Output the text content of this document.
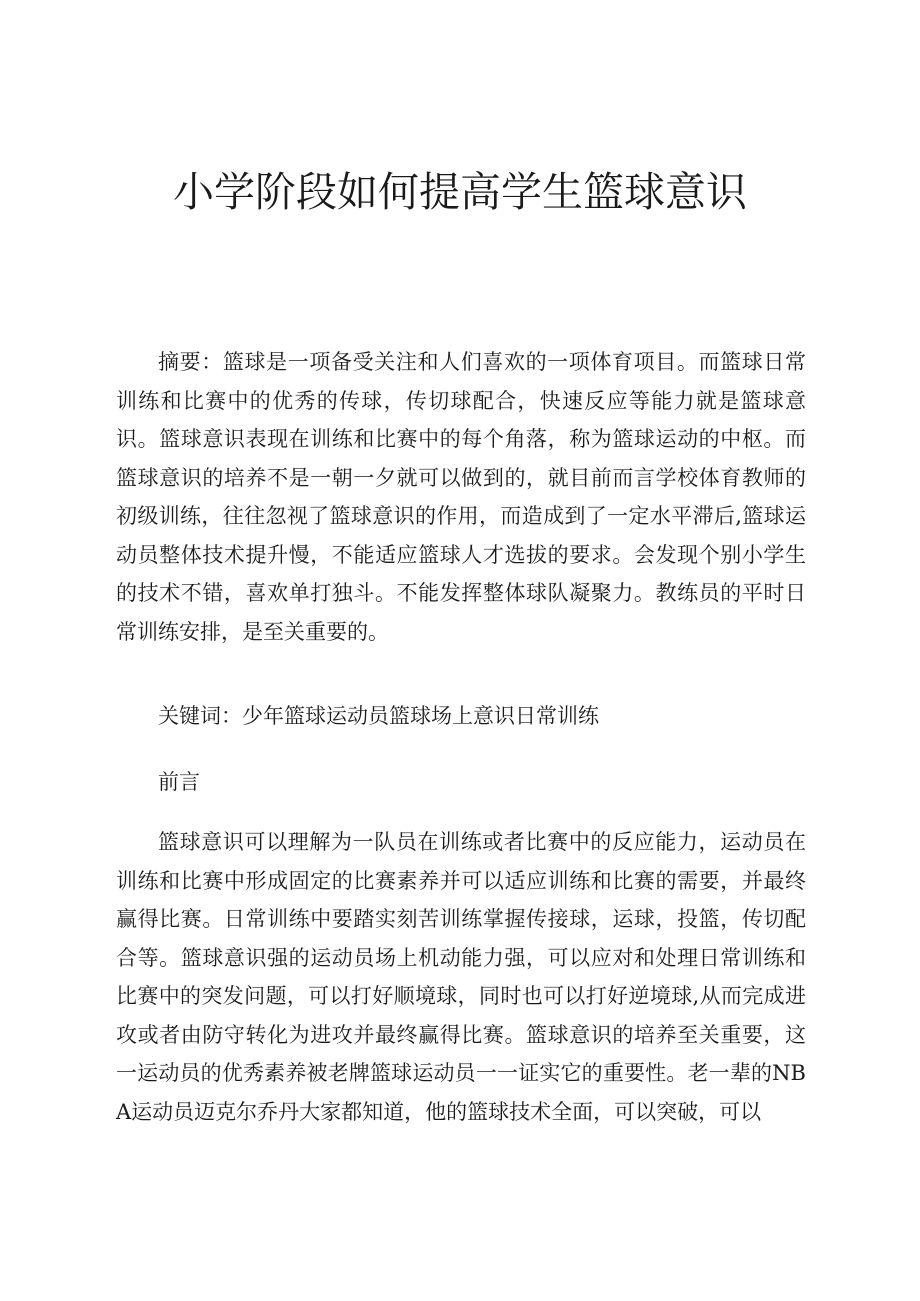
小学阶段如何提高学生篮球意识

摘要：篮球是一项备受关注和人们喜欢的一项体育项目。而篮球日常训练和比赛中的优秀的传球，传切球配合，快速反应等能力就是篮球意识。篮球意识表现在训练和比赛中的每个角落，称为篮球运动的中枢。而篮球意识的培养不是一朝一夕就可以做到的，就目前而言学校体育教师的初级训练，往往忽视了篮球意识的作用，而造成到了一定水平滞后,篮球运动员整体技术提升慢，不能适应篮球人才选拔的要求。会发现个别小学生的技术不错，喜欢单打独斗。不能发挥整体球队凝聚力。教练员的平时日常训练安排，是至关重要的。

关键词：少年篮球运动员篮球场上意识日常训练

前言

篮球意识可以理解为一队员在训练或者比赛中的反应能力，运动员在训练和比赛中形成固定的比赛素养并可以适应训练和比赛的需要，并最终赢得比赛。日常训练中要踏实刻苦训练掌握传接球，运球，投篮，传切配合等。篮球意识强的运动员场上机动能力强，可以应对和处理日常训练和比赛中的突发问题，可以打好顺境球，同时也可以打好逆境球,从而完成进攻或者由防守转化为进攻并最终赢得比赛。篮球意识的培养至关重要，这一运动员的优秀素养被老牌篮球运动员一一证实它的重要性。老一辈的NBA运动员迈克尔乔丹大家都知道，他的篮球技术全面，可以突破，可以
